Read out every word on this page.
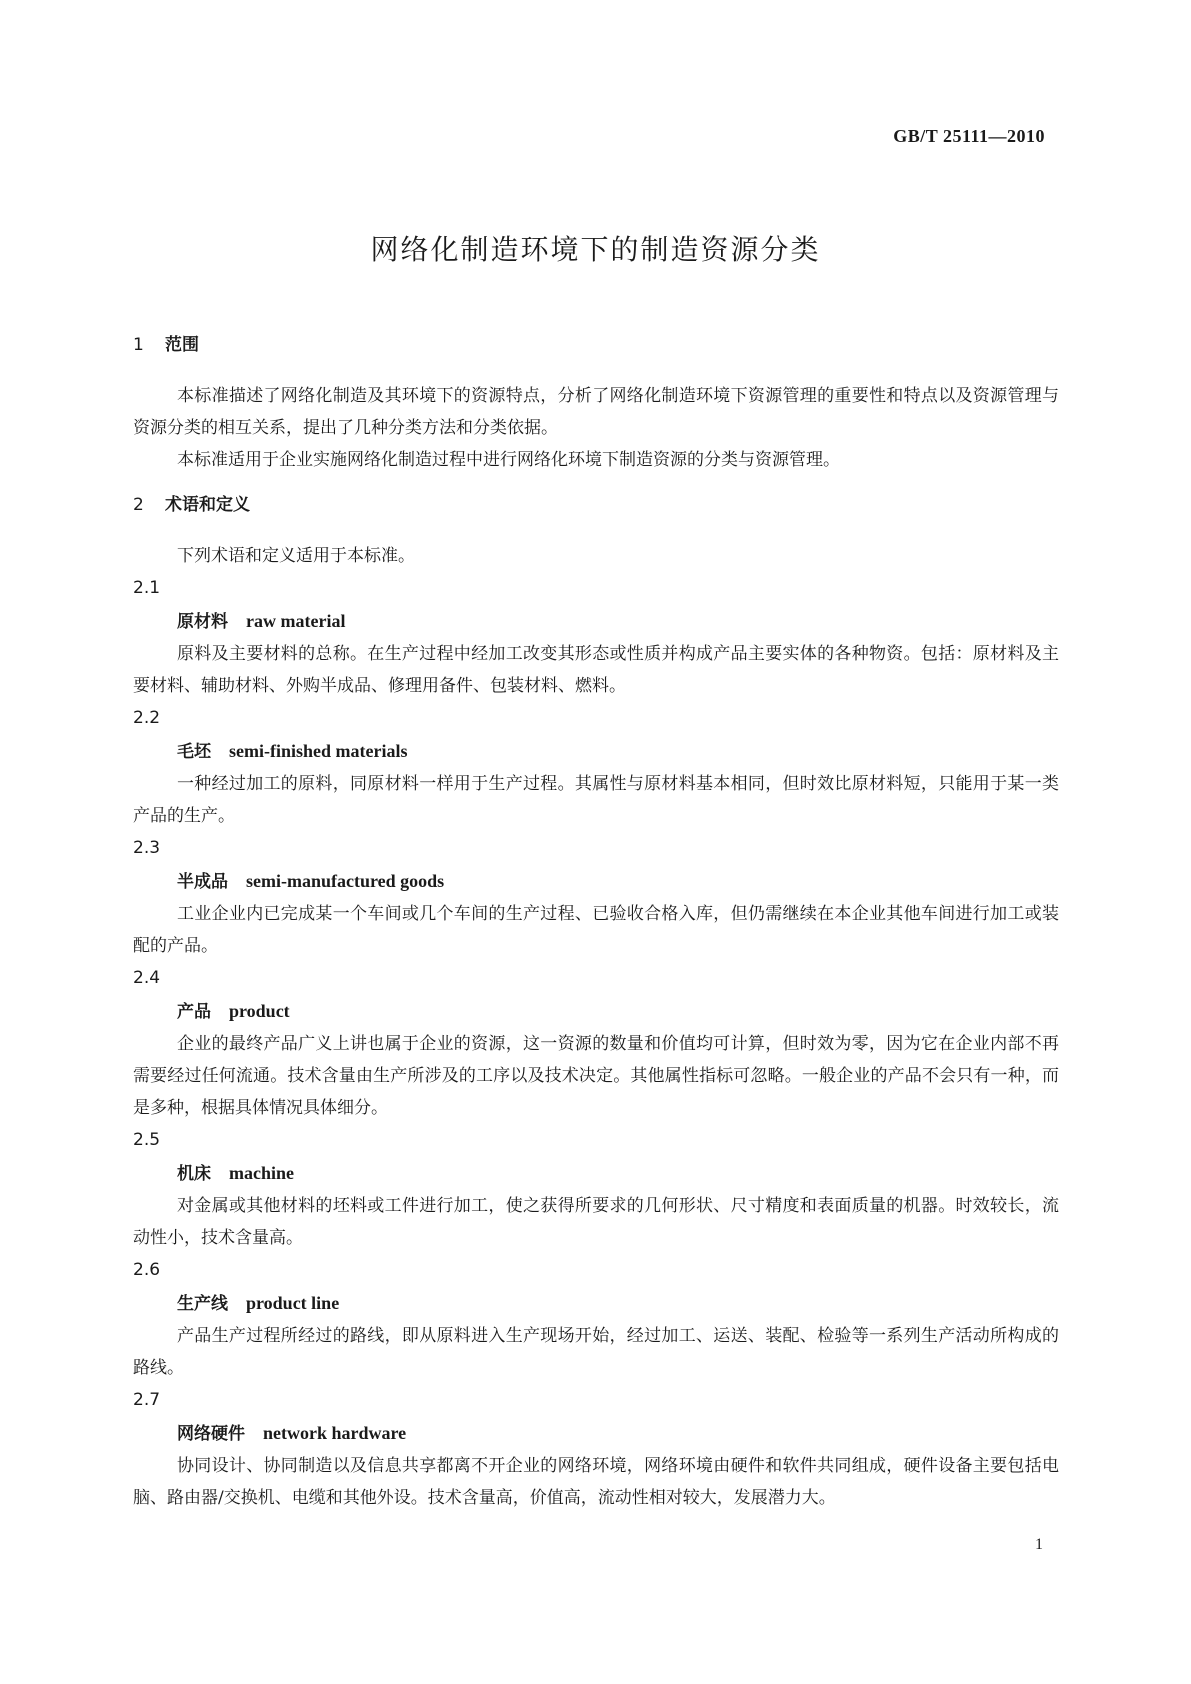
GB/T 25111—2010
网络化制造环境下的制造资源分类
1 范围

本标准描述了网络化制造及其环境下的资源特点，分析了网络化制造环境下资源管理的重要性和特点以及资源管理与资源分类的相互关系，提出了几种分类方法和分类依据。

本标准适用于企业实施网络化制造过程中进行网络化环境下制造资源的分类与资源管理。

2 术语和定义

下列术语和定义适用于本标准。

2.1
原材料 raw material

原料及主要材料的总称。在生产过程中经加工改变其形态或性质并构成产品主要实体的各种物资。包括：原材料及主要材料、辅助材料、外购半成品、修理用备件、包装材料、燃料。

2.2
毛坯 semi-finished materials

一种经过加工的原料，同原材料一样用于生产过程。其属性与原材料基本相同，但时效比原材料短，只能用于某一类产品的生产。

2.3
半成品 semi-manufactured goods

工业企业内已完成某一个车间或几个车间的生产过程、已验收合格入库，但仍需继续在本企业其他车间进行加工或装配的产品。

2.4
产品 product

企业的最终产品广义上讲也属于企业的资源，这一资源的数量和价值均可计算，但时效为零，因为它在企业内部不再需要经过任何流通。技术含量由生产所涉及的工序以及技术决定。其他属性指标可忽略。一般企业的产品不会只有一种，而是多种，根据具体情况具体细分。

2.5
机床 machine

对金属或其他材料的坯料或工件进行加工，使之获得所要求的几何形状、尺寸精度和表面质量的机器。时效较长，流动性小，技术含量高。

2.6
生产线 product line

产品生产过程所经过的路线，即从原料进入生产现场开始，经过加工、运送、装配、检验等一系列生产活动所构成的路线。

2.7
网络硬件 network hardware

协同设计、协同制造以及信息共享都离不开企业的网络环境，网络环境由硬件和软件共同组成，硬件设备主要包括电脑、路由器/交换机、电缆和其他外设。技术含量高，价值高，流动性相对较大，发展潜力大。

1
